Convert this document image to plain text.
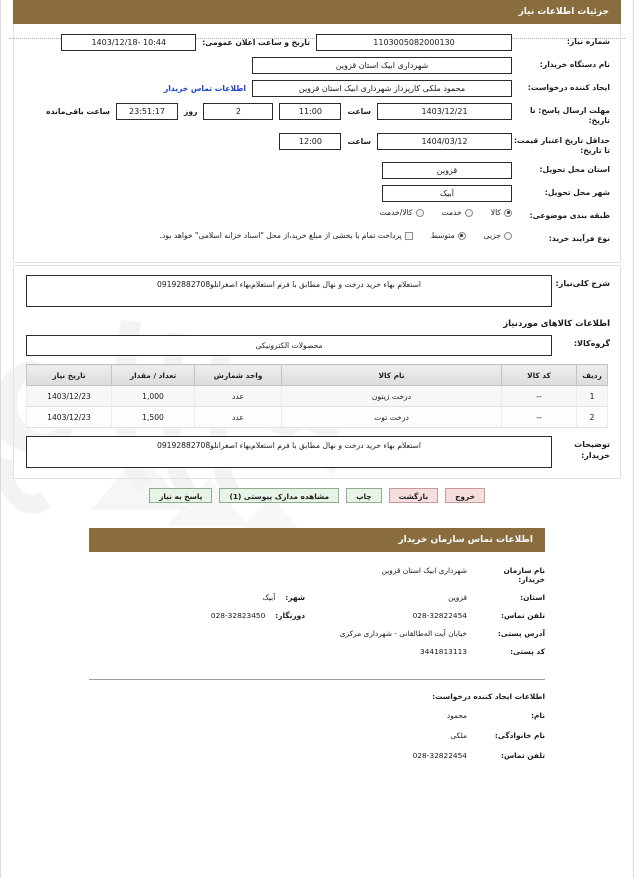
جزئیات اطلاعات نیاز
شماره نیاز:
1103005082000130
تاریخ و ساعت اعلان عمومی:
10:44 -1403/12/18
نام دستگاه خریدار:
شهرداری ابیک استان قزوین
ایجاد کننده درخواست:
محمود ملکی کارپرداز شهرداری ابیک استان قزوین
اطلاعات تماس خریدار
مهلت ارسال پاسخ: تا تاریخ:
1403/12/21
ساعت
11:00
2
روز
23:51:17
ساعت باقی‌مانده
حداقل تاریخ اعتبار قیمت: تا تاریخ:
1404/03/12
ساعت
12:00
استان محل تحویل:
قزوین
شهر محل تحویل:
آبیک
طبقه بندی موضوعی:
کالا
خدمت
کالا/خدمت
نوع فرآیند خرید:
جزیی
متوسط
پرداخت تمام یا بخشی از مبلغ خرید،از محل "اسناد خزانه اسلامی" خواهد بود.
شرح کلی‌نیاز:
استعلام بهاء خرید درخت و نهال مطابق با فرم استعلام‌بهاء اصغرانلو09192882708
اطلاعات کالاهای موردنیاز
گروه‌کالا:
محصولات الکترونیکی
ردیف	کد کالا	نام کالا	واحد شمارش	تعداد / مقدار	تاریخ نیاز
1	--	درخت زیتون	عدد	1,000	1403/12/23
2	--	درخت توت	عدد	1,500	1403/12/23
توضیحات خریدار:
استعلام بهاء خرید درخت و نهال مطابق با فرم استعلام‌بهاء اصغرانلو09192882708
خروج
بازگشت
چاپ
مشاهده مدارک پیوستی (1)
پاسخ به نیاز
اطلاعات تماس سازمان خریدار
نام سازمان خریدار:
شهرداری ابیک استان قزوین
استان:
قزوین
شهر:
آبیک
تلفن تماس:
028-32822454
دورنگار:
028-32823450
آدرس پستی:
خیابان آیت اله‌طالقانی - شهرداری مرکزی
کد پستی:
3441813113
اطلاعات ایجاد کننده درخواست:
نام:
محمود
نام خانوادگی:
ملکی
تلفن تماس:
028-32822454
